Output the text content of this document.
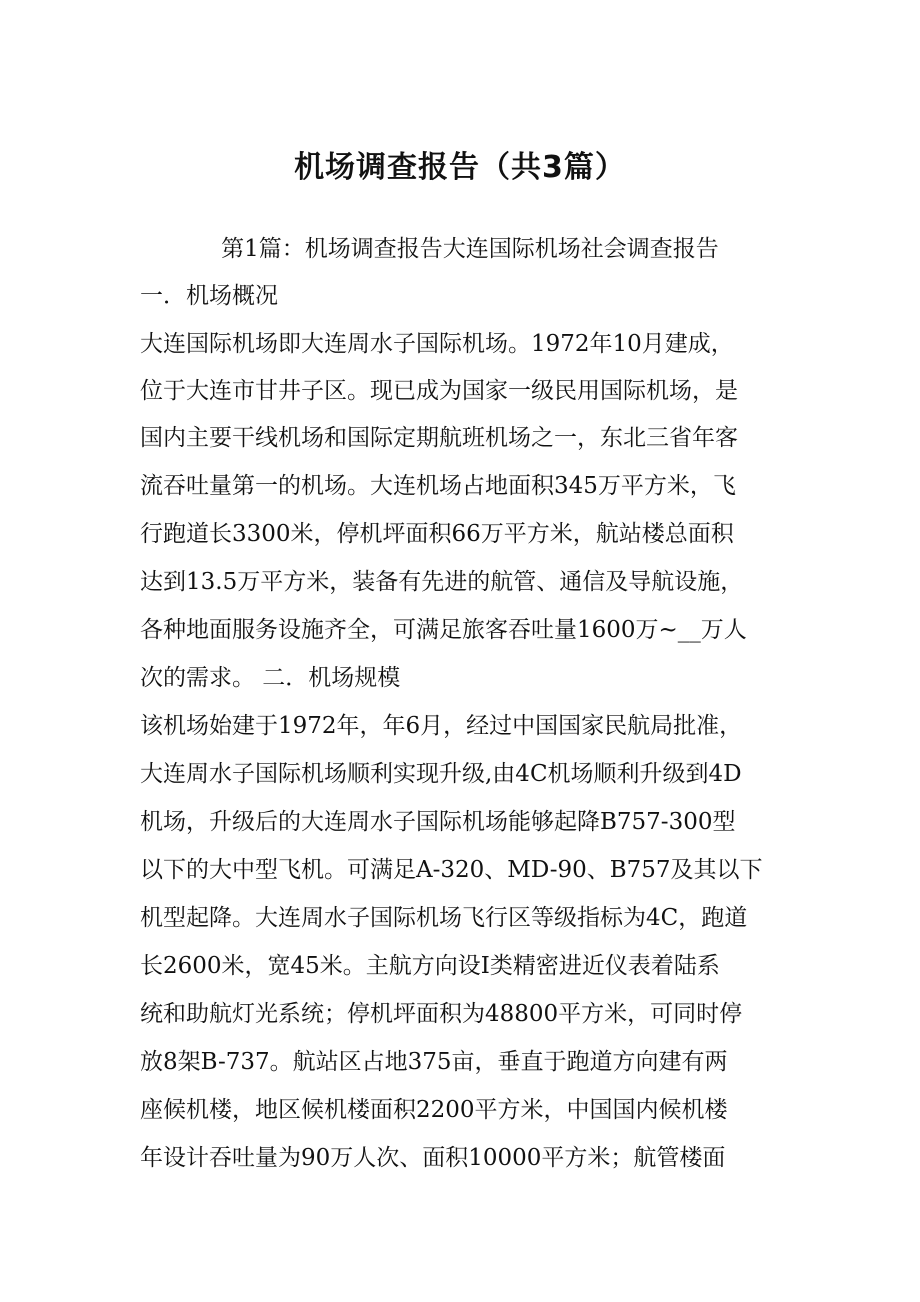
机场调查报告（共3篇）

第1篇：机场调查报告大连国际机场社会调查报告

一．机场概况

大连国际机场即大连周水子国际机场。1972年10月建成，

位于大连市甘井子区。现已成为国家一级民用国际机场，是

国内主要干线机场和国际定期航班机场之一，东北三省年客

流吞吐量第一的机场。大连机场占地面积345万平方米，飞

行跑道长3300米，停机坪面积66万平方米，航站楼总面积

达到13.5万平方米，装备有先进的航管、通信及导航设施，

各种地面服务设施齐全，可满足旅客吞吐量1600万~__万人

次的需求。 二．机场规模

该机场始建于1972年，年6月，经过中国国家民航局批准，

大连周水子国际机场顺利实现升级,由4C机场顺利升级到4D

机场，升级后的大连周水子国际机场能够起降B757-300型

以下的大中型飞机。可满足A-320、MD-90、B757及其以下

机型起降。大连周水子国际机场飞行区等级指标为4C，跑道

长2600米，宽45米。主航方向设Ⅰ类精密进近仪表着陆系

统和助航灯光系统；停机坪面积为48800平方米，可同时停

放8架B-737。航站区占地375亩，垂直于跑道方向建有两

座候机楼，地区候机楼面积2200平方米，中国国内候机楼

年设计吞吐量为90万人次、面积10000平方米；航管楼面
